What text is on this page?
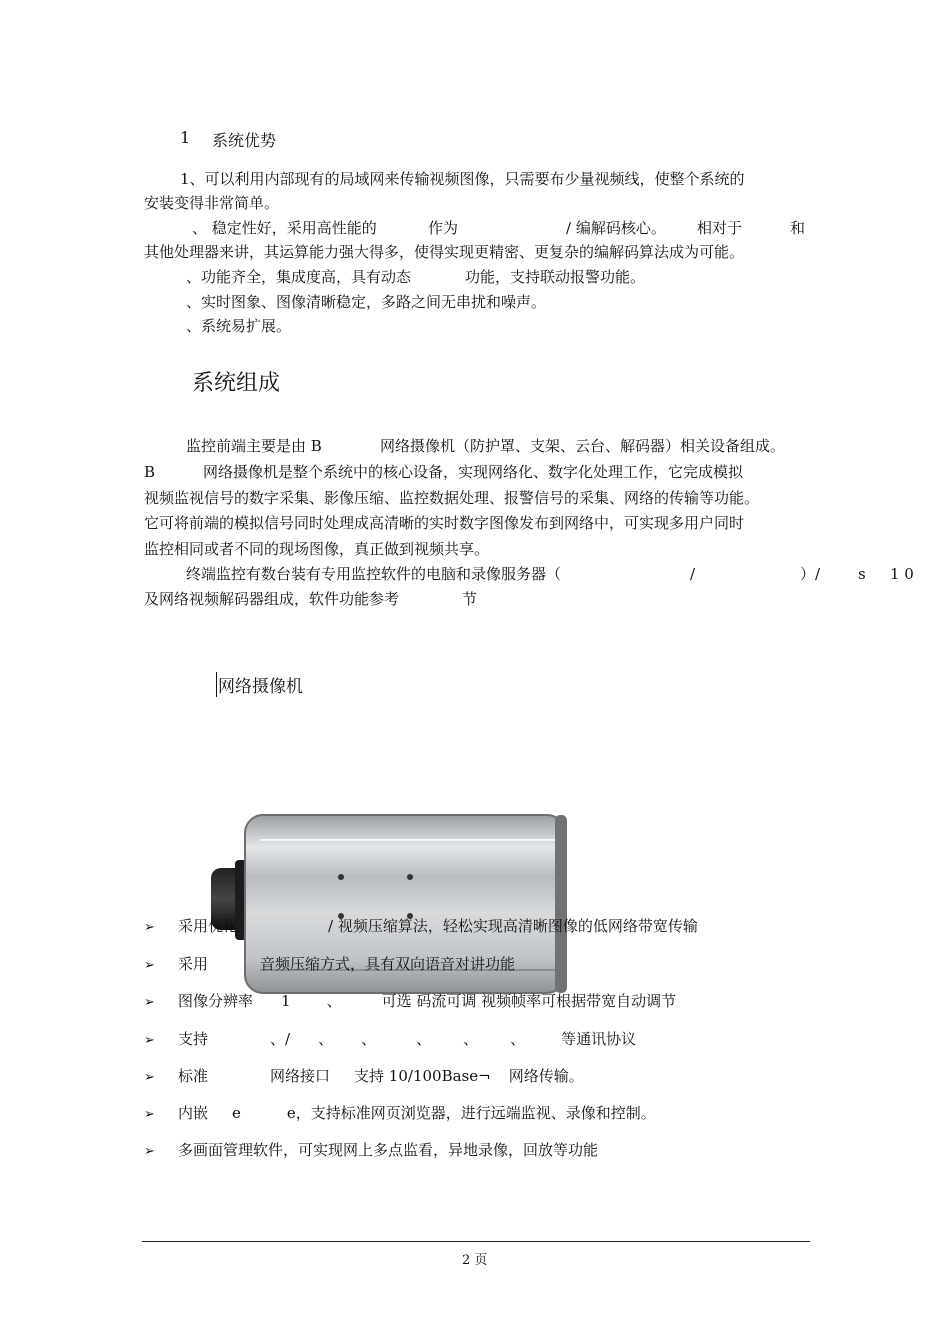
1 系统优势
1、可以利用内部现有的局域网来传输视频图像，只需要布少量视频线，使整个系统的
安装变得非常简单。
、 稳定性好，采用高性能的	作为	/ 编解码核心。 相对于	和
其他处理器来讲，其运算能力强大得多，使得实现更精密、更复杂的编解码算法成为可能。
、功能齐全，集成度高，具有动态	功能，支持联动报警功能。
、实时图象、图像清晰稳定，多路之间无串扰和噪声。
、系统易扩展。
系统组成
监控前端主要是由 B	网络摄像机（防护罩、支架、云台、解码器）相关设备组成。
B	网络摄像机是整个系统中的核心设备，实现网络化、数字化处理工作，它完成模拟
视频监视信号的数字采集、影像压缩、监控数据处理、报警信号的采集、网络的传输等功能。
它可将前端的模拟信号同时处理成高清晰的实时数字图像发布到网络中，可实现多用户同时
监控相同或者不同的现场图像，真正做到视频共享。
终端监控有数台装有专用监控软件的电脑和录像服务器（	/	）/	s 1 0
及网络视频解码器组成，软件功能参考	节
网络摄像机
➢ 采用优化	/ 视频压缩算法，轻松实现高清晰图像的低网络带宽传输
➢ 采用	音频压缩方式，具有双向语音对讲功能
➢ 图像分辨率 1 、	可选 码流可调 视频帧率可根据带宽自动调节
➢ 支持	、/ 、 、	、 、 、 等通讯协议
➢ 标准	网络接口 支持 10/100Base¬ 网络传输。
➢ 内嵌 e	e，支持标准网页浏览器，进行远端监视、录像和控制。
➢ 多画面管理软件，可实现网上多点监看，异地录像，回放等功能
2 页
